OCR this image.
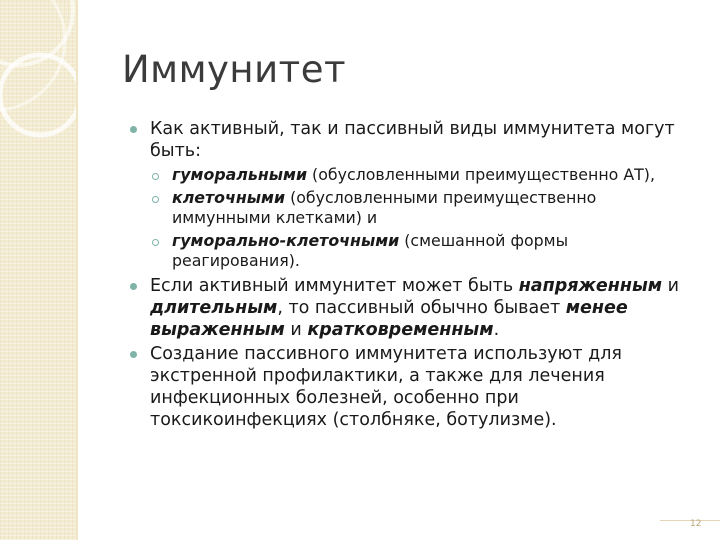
Иммунитет
Как активный, так и пассивный виды иммунитета могут быть:
гуморальными (обусловленными преимущественно АТ),
клеточными (обусловленными преимущественно иммунными клетками) и
гуморально-клеточными (смешанной формы реагирования).
Если активный иммунитет может быть напряженным и длительным, то пассивный обычно бывает менее выраженным и кратковременным.
Создание пассивного иммунитета используют для экстренной профилактики, а также для лечения инфекционных болезней, особенно при токсикоинфекциях (столбняке, ботулизме).
12
